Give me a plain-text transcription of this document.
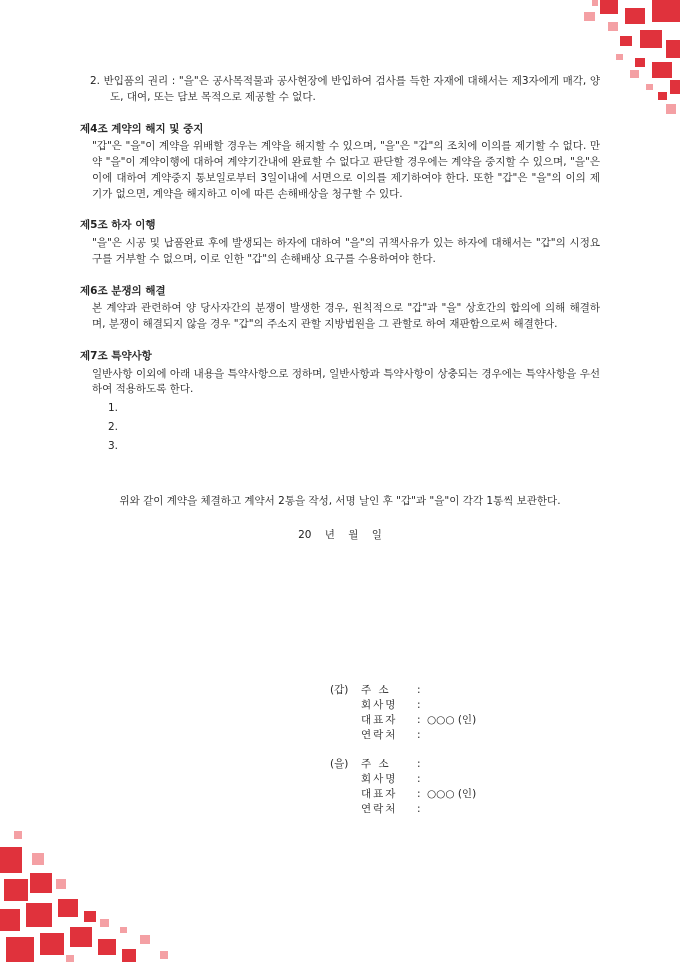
2. 반입품의 권리 : "을"은 공사목적물과 공사현장에 반입하여 검사를 득한 자재에 대해서는 제3자에게 매각, 양도, 대여, 또는 담보 목적으로 제공할 수 없다.

제4조 계약의 해지 및 중지

"갑"은 "을"이 계약을 위배할 경우는 계약을 해지할 수 있으며, "을"은 "갑"의 조치에 이의를 제기할 수 없다. 만약 "을"이 계약이행에 대하여 계약기간내에 완료할 수 없다고 판단할 경우에는 계약을 중지할 수 있으며, "을"은 이에 대하여 계약중지 통보일로부터 3일이내에 서면으로 이의를 제기하여야 한다. 또한 "갑"은 "을"의 이의 제기가 없으면, 계약을 해지하고 이에 따른 손해배상을 청구할 수 있다.

제5조 하자 이행

"을"은 시공 및 납품완료 후에 발생되는 하자에 대하여 "을"의 귀책사유가 있는 하자에 대해서는 "갑"의 시정요구를 거부할 수 없으며, 이로 인한 "갑"의 손해배상 요구를 수용하여야 한다.

제6조 분쟁의 해결

본 계약과 관련하여 양 당사자간의 분쟁이 발생한 경우, 원칙적으로 "갑"과 "을" 상호간의 합의에 의해 해결하며, 분쟁이 해결되지 않을 경우 "갑"의 주소지 관할 지방법원을 그 관할로 하여 재판함으로써 해결한다.

제7조 특약사항

일반사항 이외에 아래 내용을 특약사항으로 정하며, 일반사항과 특약사항이 상충되는 경우에는 특약사항을 우선하여 적용하도록 한다.

1.
2.
3.

위와 같이 계약을 체결하고 계약서 2통을 작성, 서명 날인 후 "갑"과 "을"이 각각 1통씩 보관한다.

20 년 월 일

(갑)	주 소	:
회사명	:
대표자	: ○○○ (인)
연락처	:
(을)	주 소	:
회사명	:
대표자	: ○○○ (인)
연락처	:
